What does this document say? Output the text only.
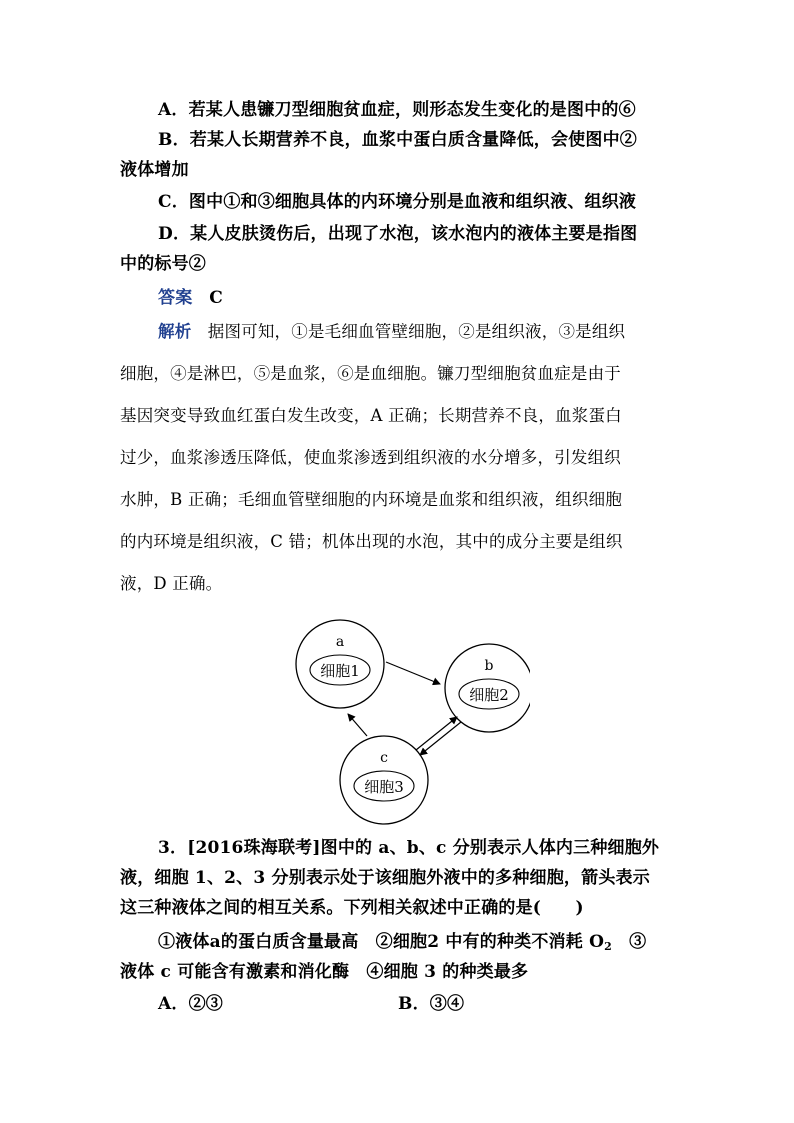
A．若某人患镰刀型细胞贫血症，则形态发生变化的是图中的⑥
B．若某人长期营养不良，血浆中蛋白质含量降低，会使图中②
液体增加
C．图中①和③细胞具体的内环境分别是血液和组织液、组织液
D．某人皮肤烫伤后，出现了水泡，该水泡内的液体主要是指图
中的标号②
答案 C
解析 据图可知，①是毛细血管壁细胞，②是组织液，③是组织
细胞，④是淋巴，⑤是血浆，⑥是血细胞。镰刀型细胞贫血症是由于
基因突变导致血红蛋白发生改变，A 正确；长期营养不良，血浆蛋白
过少，血浆渗透压降低，使血浆渗透到组织液的水分增多，引发组织
水肿，B 正确；毛细血管壁细胞的内环境是血浆和组织液，组织细胞
的内环境是组织液，C 错；机体出现的水泡，其中的成分主要是组织
液，D 正确。
a
细胞1	b
细胞2
c
细胞3
3．[2016珠海联考]图中的 a、b、c 分别表示人体内三种细胞外
液，细胞 1、2、3 分别表示处于该细胞外液中的多种细胞，箭头表示
这三种液体之间的相互关系。下列相关叙述中正确的是(　　)
①液体a的蛋白质含量最高　②细胞2 中有的种类不消耗 $O_2$　③
液体 c 可能含有激素和消化酶　④细胞 3 的种类最多
A．②③	B．③④
